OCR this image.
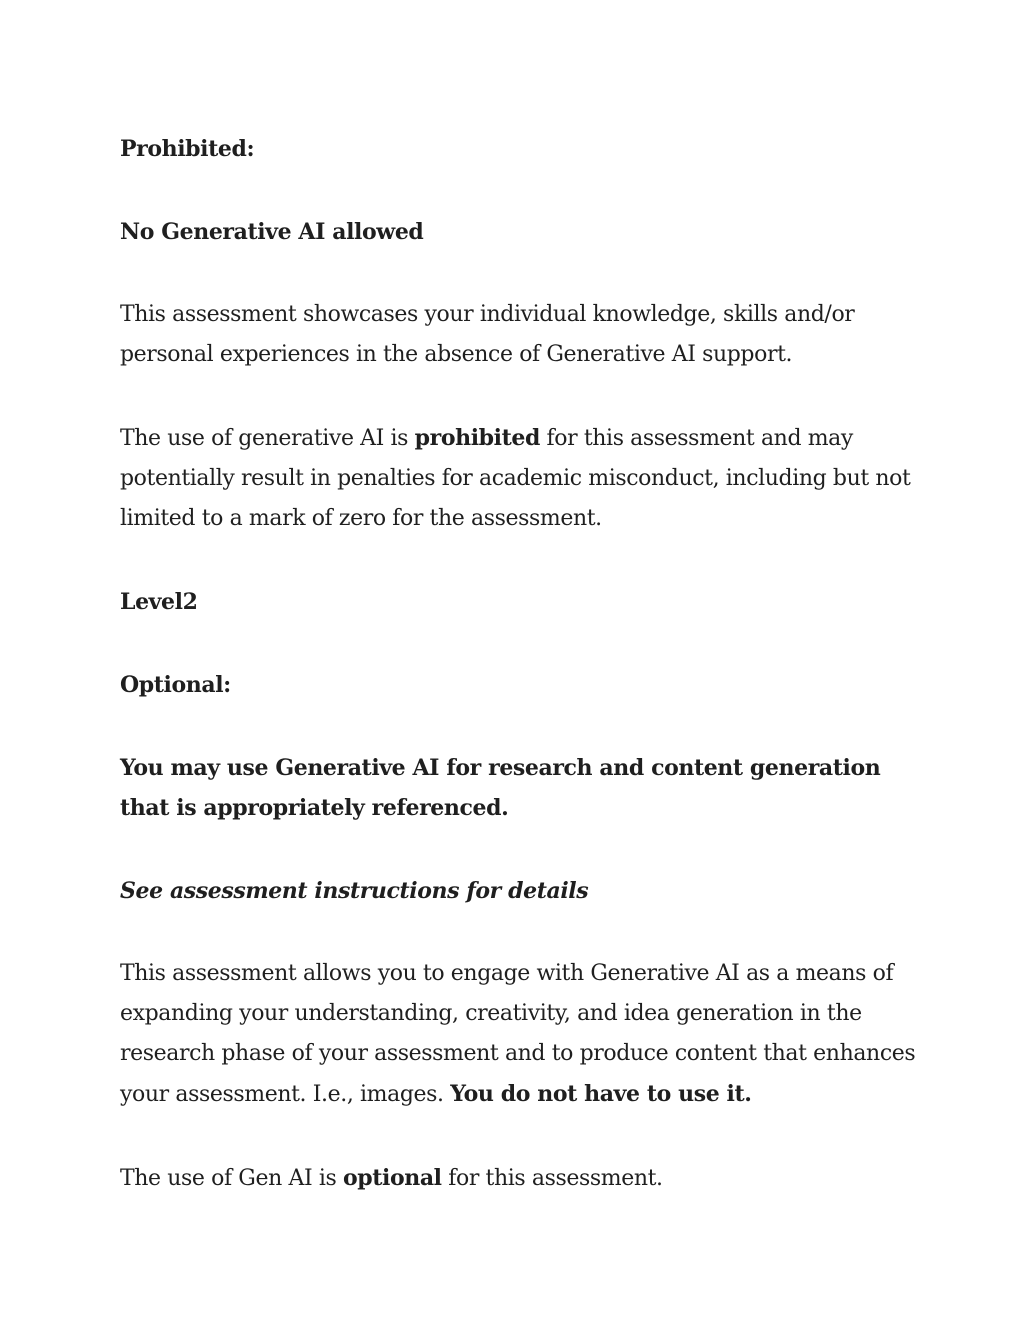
Prohibited:

No Generative AI allowed

This assessment showcases your individual knowledge, skills and/or personal experiences in the absence of Generative AI support.

The use of generative AI is prohibited for this assessment and may potentially result in penalties for academic misconduct, including but not limited to a mark of zero for the assessment.

Level2

Optional:

You may use Generative AI for research and content generation that is appropriately referenced.

See assessment instructions for details

This assessment allows you to engage with Generative AI as a means of expanding your understanding, creativity, and idea generation in the research phase of your assessment and to produce content that enhances your assessment. I.e., images. You do not have to use it.

The use of Gen AI is optional for this assessment.
